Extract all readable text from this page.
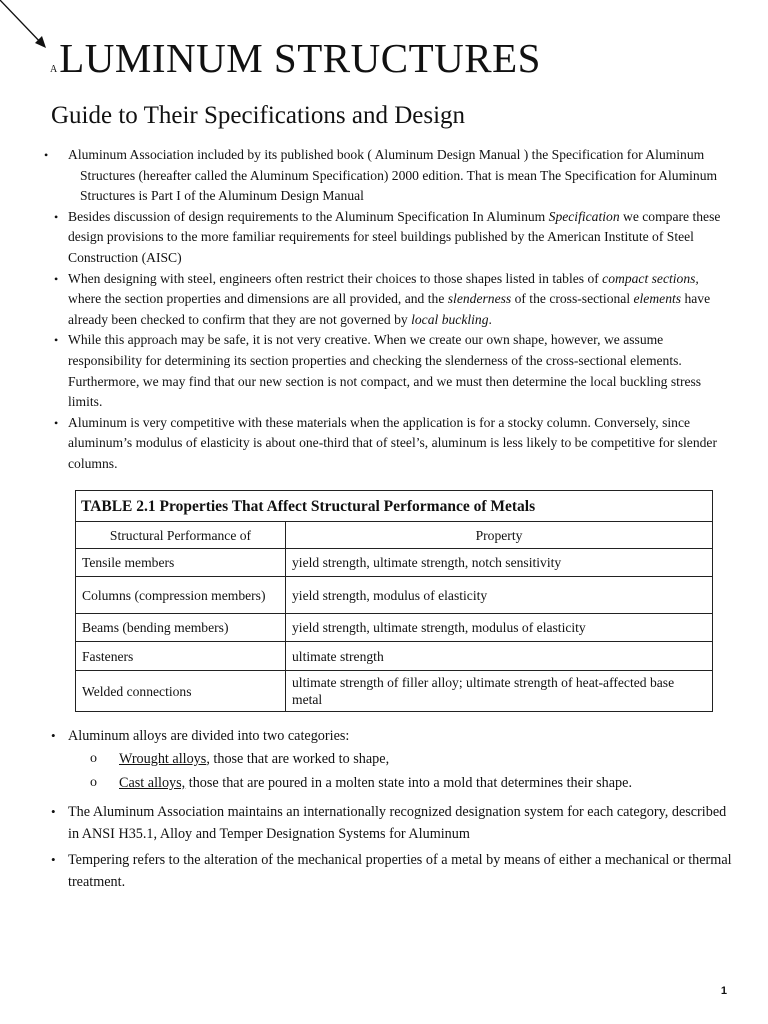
ALUMINUM STRUCTURES
Guide to Their Specifications and Design

•	Aluminum Association included by its published book ( Aluminum Design Manual ) the Specification for Aluminum Structures (hereafter called the Aluminum Specification) 2000 edition. That is mean The Specification for Aluminum Structures is Part I of the Aluminum Design Manual

• Besides discussion of design requirements to the Aluminum Specification In Aluminum Specification we compare these design provisions to the more familiar requirements for steel buildings published by the American Institute of Steel Construction (AISC)

• When designing with steel, engineers often restrict their choices to those shapes listed in tables of compact sections, where the section properties and dimensions are all provided, and the slenderness of the cross-sectional elements have already been checked to confirm that they are not governed by local buckling.

• While this approach may be safe, it is not very creative. When we create our own shape, however, we assume responsibility for determining its section properties and checking the slenderness of the cross-sectional elements. Furthermore, we may find that our new section is not compact, and we must then determine the local buckling stress limits.

• Aluminum is very competitive with these materials when the application is for a stocky column. Conversely, since aluminum’s modulus of elasticity is about one-third that of steel’s, aluminum is less likely to be competitive for slender columns.

TABLE 2.1 Properties That Affect Structural Performance of Metals	
Structural Performance of	Property
Tensile members	yield strength, ultimate strength, notch sensitivity
Columns (compression members)	yield strength, modulus of elasticity
Beams (bending members)	yield strength, ultimate strength, modulus of elasticity
Fasteners	ultimate strength
Welded connections	ultimate strength of filler alloy; ultimate strength of heat-affected base metal

• Aluminum alloys are divided into two categories:

o Wrought alloys, those that are worked to shape,

o Cast alloys, those that are poured in a molten state into a mold that determines their shape.

• The Aluminum Association maintains an internationally recognized designation system for each category, described in ANSI H35.1, Alloy and Temper Designation Systems for Aluminum

• Tempering refers to the alteration of the mechanical properties of a metal by means of either a mechanical or thermal treatment.

1
